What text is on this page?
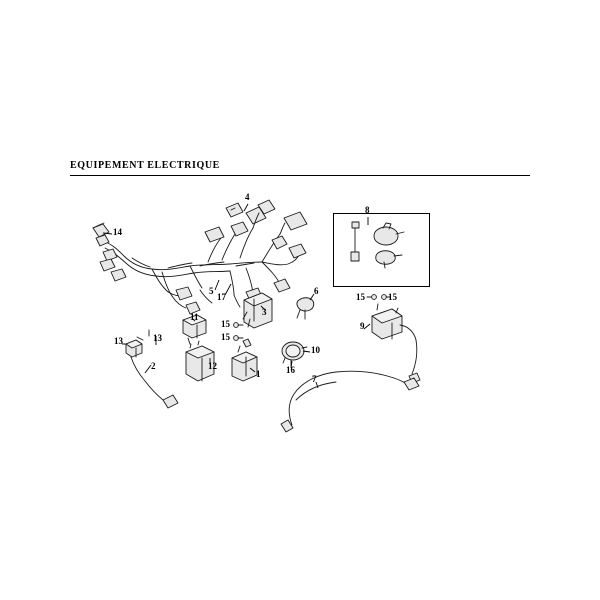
EQUIPEMENT ELECTRIQUE
14
4
8
5
17
6
15	15
3
15
15
9
11
13	13
2	12
1
10
16
7
